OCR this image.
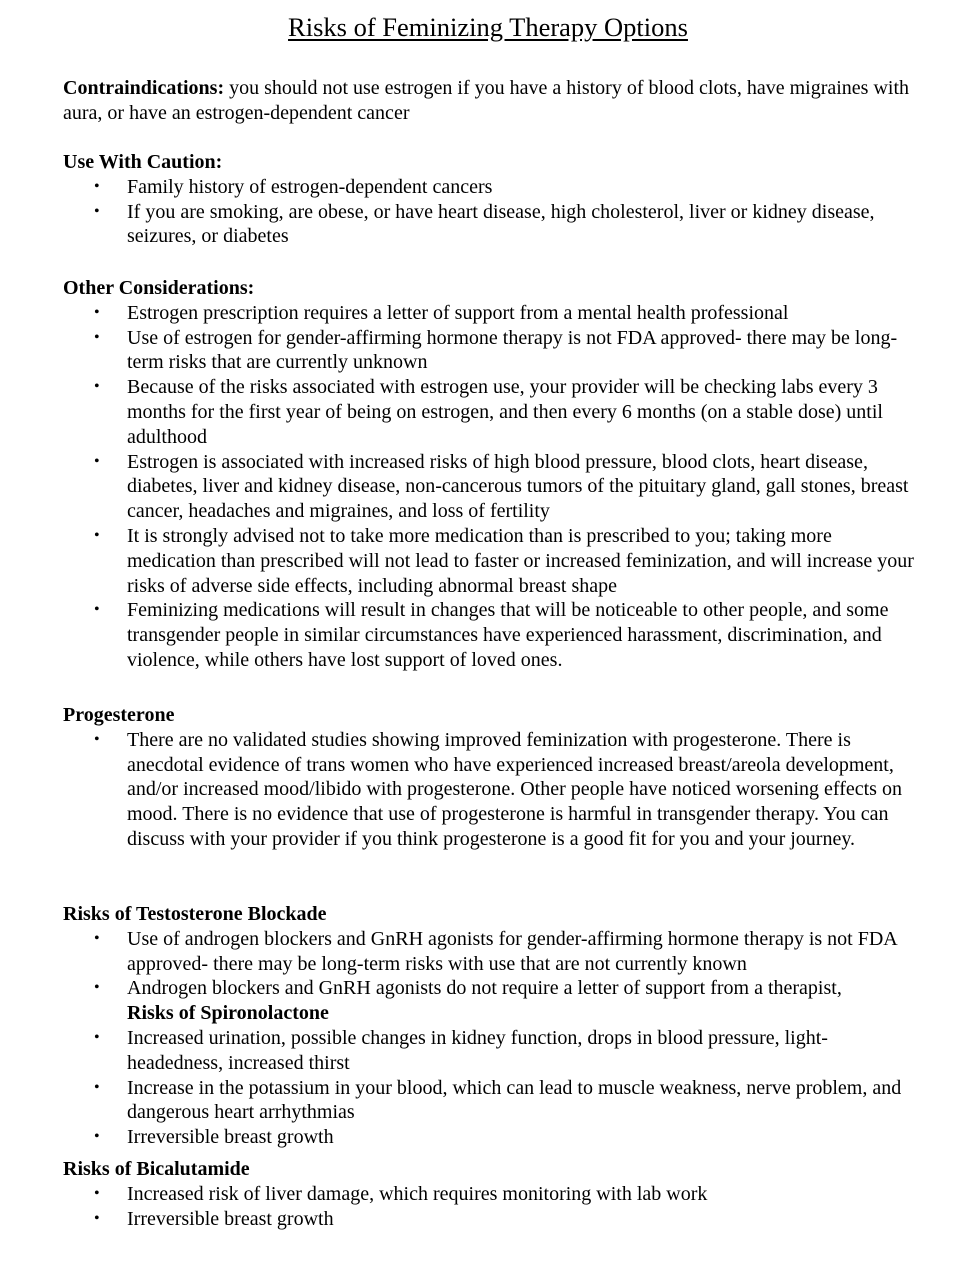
Risks of Feminizing Therapy Options
Contraindications: you should not use estrogen if you have a history of blood clots, have migraines with aura, or have an estrogen-dependent cancer
Use With Caution:
• Family history of estrogen-dependent cancers
• If you are smoking, are obese, or have heart disease, high cholesterol, liver or kidney disease, seizures, or diabetes
Other Considerations:
• Estrogen prescription requires a letter of support from a mental health professional
• Use of estrogen for gender-affirming hormone therapy is not FDA approved- there may be long-term risks that are currently unknown
• Because of the risks associated with estrogen use, your provider will be checking labs every 3 months for the first year of being on estrogen, and then every 6 months (on a stable dose) until adulthood
• Estrogen is associated with increased risks of high blood pressure, blood clots, heart disease, diabetes, liver and kidney disease, non-cancerous tumors of the pituitary gland, gall stones, breast cancer, headaches and migraines, and loss of fertility
• It is strongly advised not to take more medication than is prescribed to you; taking more medication than prescribed will not lead to faster or increased feminization, and will increase your risks of adverse side effects, including abnormal breast shape
• Feminizing medications will result in changes that will be noticeable to other people, and some transgender people in similar circumstances have experienced harassment, discrimination, and violence, while others have lost support of loved ones.
Progesterone
• There are no validated studies showing improved feminization with progesterone. There is anecdotal evidence of trans women who have experienced increased breast/areola development, and/or increased mood/libido with progesterone. Other people have noticed worsening effects on mood. There is no evidence that use of progesterone is harmful in transgender therapy. You can discuss with your provider if you think progesterone is a good fit for you and your journey.
Risks of Testosterone Blockade
• Use of androgen blockers and GnRH agonists for gender-affirming hormone therapy is not FDA approved- there may be long-term risks with use that are not currently known
• Androgen blockers and GnRH agonists do not require a letter of support from a therapist,
Risks of Spironolactone
• Increased urination, possible changes in kidney function, drops in blood pressure, light-headedness, increased thirst
• Increase in the potassium in your blood, which can lead to muscle weakness, nerve problem, and dangerous heart arrhythmias
• Irreversible breast growth
Risks of Bicalutamide
• Increased risk of liver damage, which requires monitoring with lab work
• Irreversible breast growth
